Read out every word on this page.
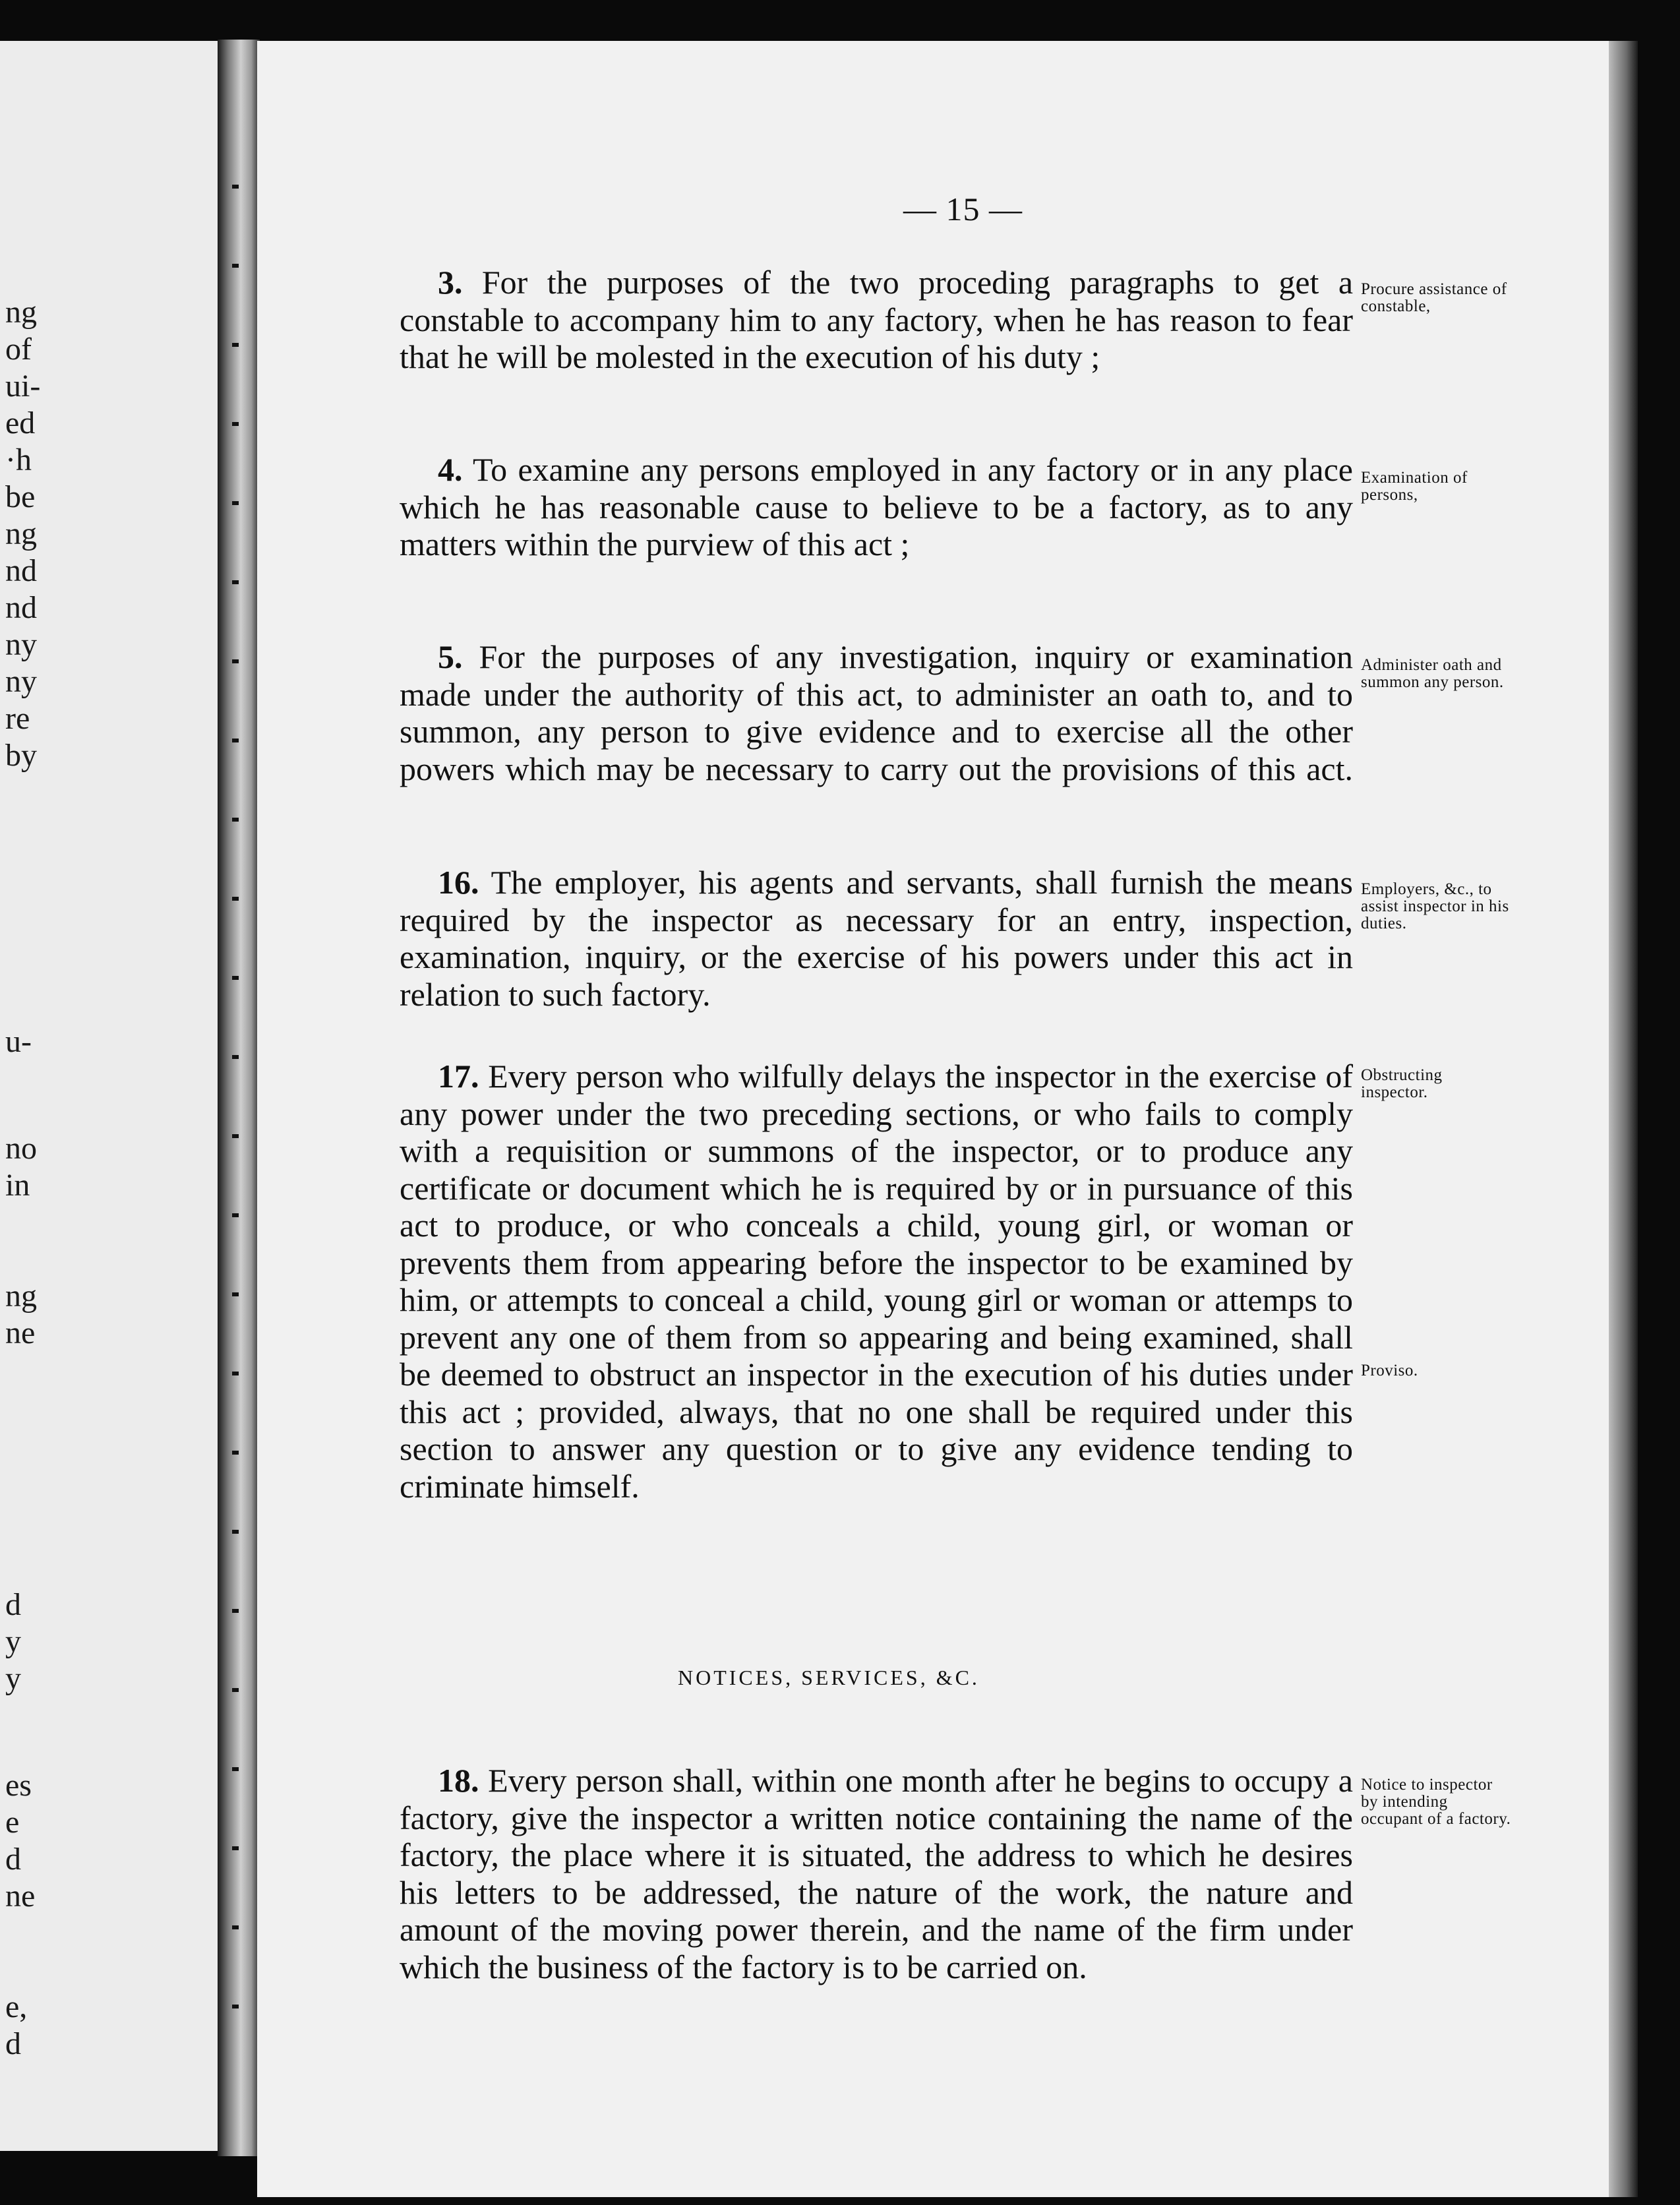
ng
of
ui-
ed
·h
be
ng
nd
nd
ny
ny
re
by
u-
no
in
ng
ne
d
y
y
es
e
d
ne
e,
d
— 15 —
3. For the purposes of the two proceding paragraphs to get a constable to accompany him to any factory, when he has reason to fear that he will be molested in the execution of his duty ;
Procure assistance of constable,
4. To examine any persons employed in any factory or in any place which he has reasonable cause to believe to be a factory, as to any matters within the purview of this act ;
Examination of persons,
5. For the purposes of any investigation, inquiry or examination made under the authority of this act, to administer an oath to, and to summon, any person to give evidence and to exercise all the other powers which may be necessary to carry out the provisions of this act.
Administer oath and summon any person.
16. The employer, his agents and servants, shall furnish the means required by the inspector as necessary for an entry, inspection, examination, inquiry, or the exercise of his powers under this act in relation to such factory.
Employers, &c., to assist inspector in his duties.
17. Every person who wilfully delays the inspector in the exercise of any power under the two preceding sections, or who fails to comply with a requisition or summons of the inspector, or to produce any certificate or document which he is required by or in pursuance of this act to produce, or who conceals a child, young girl, or woman or prevents them from appearing before the inspector to be examined by him, or attempts to conceal a child, young girl or woman or attemps to prevent any one of them from so appearing and being examined, shall be deemed to obstruct an inspector in the execution of his duties under this act ; provided, always, that no one shall be required under this section to answer any question or to give any evidence tending to criminate himself.
Obstructing inspector.
Proviso.
NOTICES, SERVICES, &C.
18. Every person shall, within one month after he begins to occupy a factory, give the inspector a written notice containing the name of the factory, the place where it is situated, the address to which he desires his letters to be addressed, the nature of the work, the nature and amount of the moving power therein, and the name of the firm under which the business of the factory is to be carried on.
Notice to inspector by intending occupant of a factory.
